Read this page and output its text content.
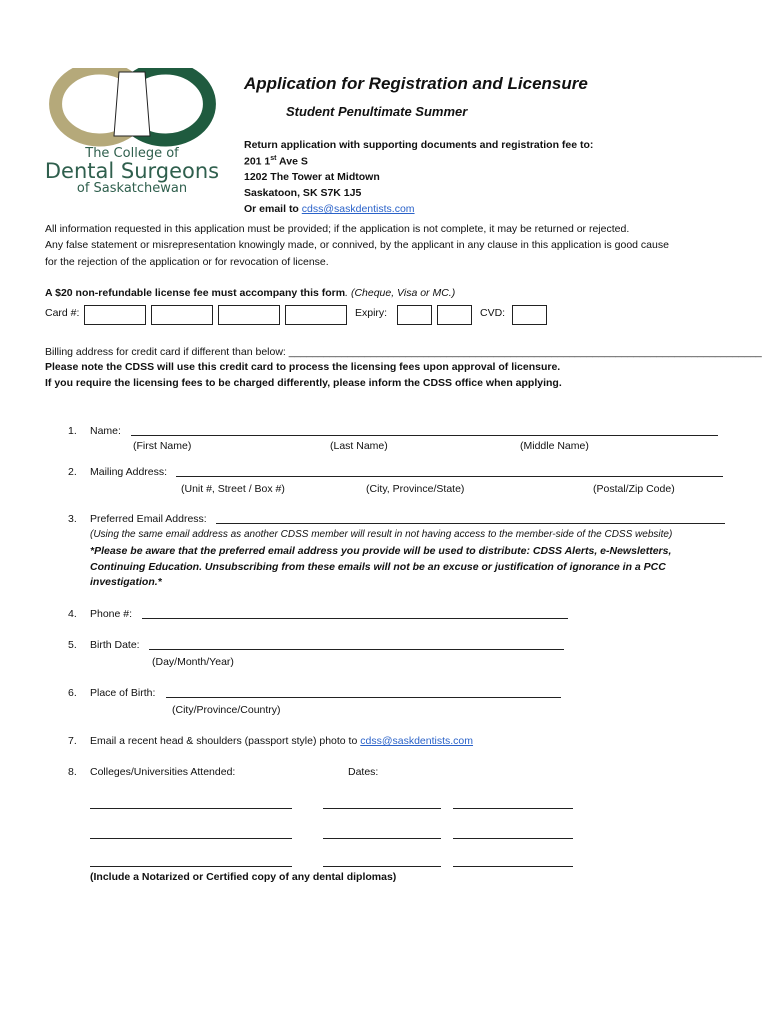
The College of
Dental Surgeons
of Saskatchewan
Application for Registration and Licensure
Student Penultimate Summer
Return application with supporting documents and registration fee to:
201 1st Ave S
1202 The Tower at Midtown
Saskatoon, SK S7K 1J5
Or email to cdss@saskdentists.com
All information requested in this application must be provided; if the application is not complete, it may be returned or rejected.
Any false statement or misrepresentation knowingly made, or connived, by the applicant in any clause in this application is good cause
for the rejection of the application or for revocation of license.
A $20 non-refundable license fee must accompany this form. (Cheque, Visa or MC.)
Card #:	Expiry:	CVD:
Billing address for credit card if different than below: _________________________________________________________________________________
Please note the CDSS will use this credit card to process the licensing fees upon approval of licensure.
If you require the licensing fees to be charged differently, please inform the CDSS office when applying.
1. Name:
(First Name)	(Last Name)	(Middle Name)
2. Mailing Address:
(Unit #, Street / Box #)	(City, Province/State)	(Postal/Zip Code)
3. Preferred Email Address:
(Using the same email address as another CDSS member will result in not having access to the member-side of the CDSS website)
*Please be aware that the preferred email address you provide will be used to distribute: CDSS Alerts, e-Newsletters,
Continuing Education. Unsubscribing from these emails will not be an excuse or justification of ignorance in a PCC
investigation.*
4. Phone #:
5. Birth Date:
(Day/Month/Year)
6. Place of Birth:
(City/Province/Country)
7. Email a recent head & shoulders (passport style) photo to cdss@saskdentists.com
8. Colleges/Universities Attended:	Dates:
(Include a Notarized or Certified copy of any dental diplomas)
